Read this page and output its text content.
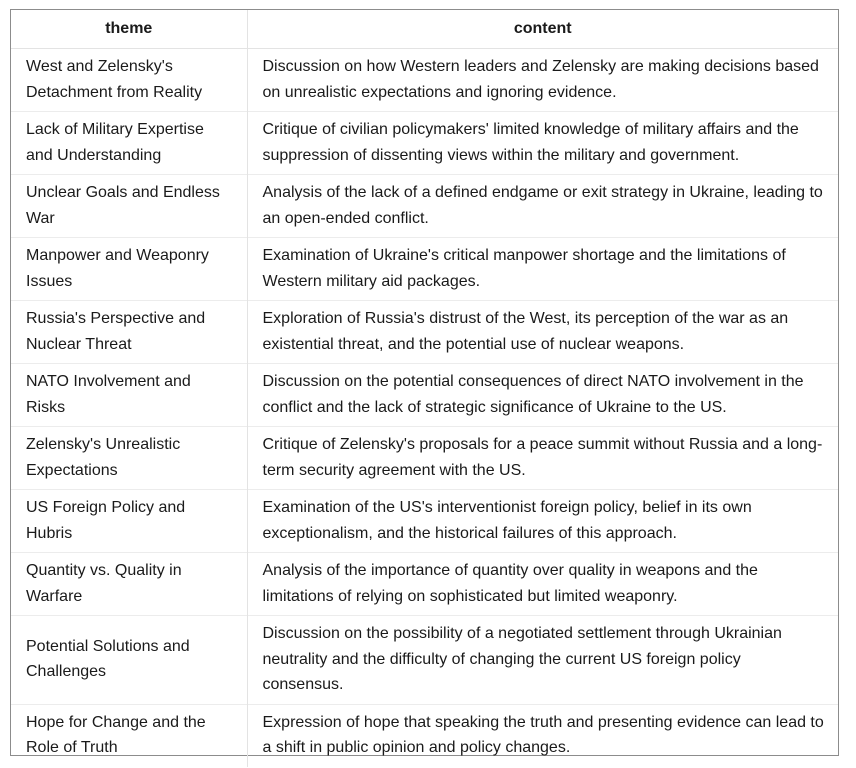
theme	content
West and Zelensky's Detachment from Reality	Discussion on how Western leaders and Zelensky are making decisions based on unrealistic expectations and ignoring evidence.
Lack of Military Expertise and Understanding	Critique of civilian policymakers' limited knowledge of military affairs and the suppression of dissenting views within the military and government.
Unclear Goals and Endless War	Analysis of the lack of a defined endgame or exit strategy in Ukraine, leading to an open-ended conflict.
Manpower and Weaponry Issues	Examination of Ukraine's critical manpower shortage and the limitations of Western military aid packages.
Russia's Perspective and Nuclear Threat	Exploration of Russia's distrust of the West, its perception of the war as an existential threat, and the potential use of nuclear weapons.
NATO Involvement and Risks	Discussion on the potential consequences of direct NATO involvement in the conflict and the lack of strategic significance of Ukraine to the US.
Zelensky's Unrealistic Expectations	Critique of Zelensky's proposals for a peace summit without Russia and a long-term security agreement with the US.
US Foreign Policy and Hubris	Examination of the US's interventionist foreign policy, belief in its own exceptionalism, and the historical failures of this approach.
Quantity vs. Quality in Warfare	Analysis of the importance of quantity over quality in weapons and the limitations of relying on sophisticated but limited weaponry.
Potential Solutions and Challenges	Discussion on the possibility of a negotiated settlement through Ukrainian neutrality and the difficulty of changing the current US foreign policy consensus.
Hope for Change and the Role of Truth	Expression of hope that speaking the truth and presenting evidence can lead to a shift in public opinion and policy changes.
